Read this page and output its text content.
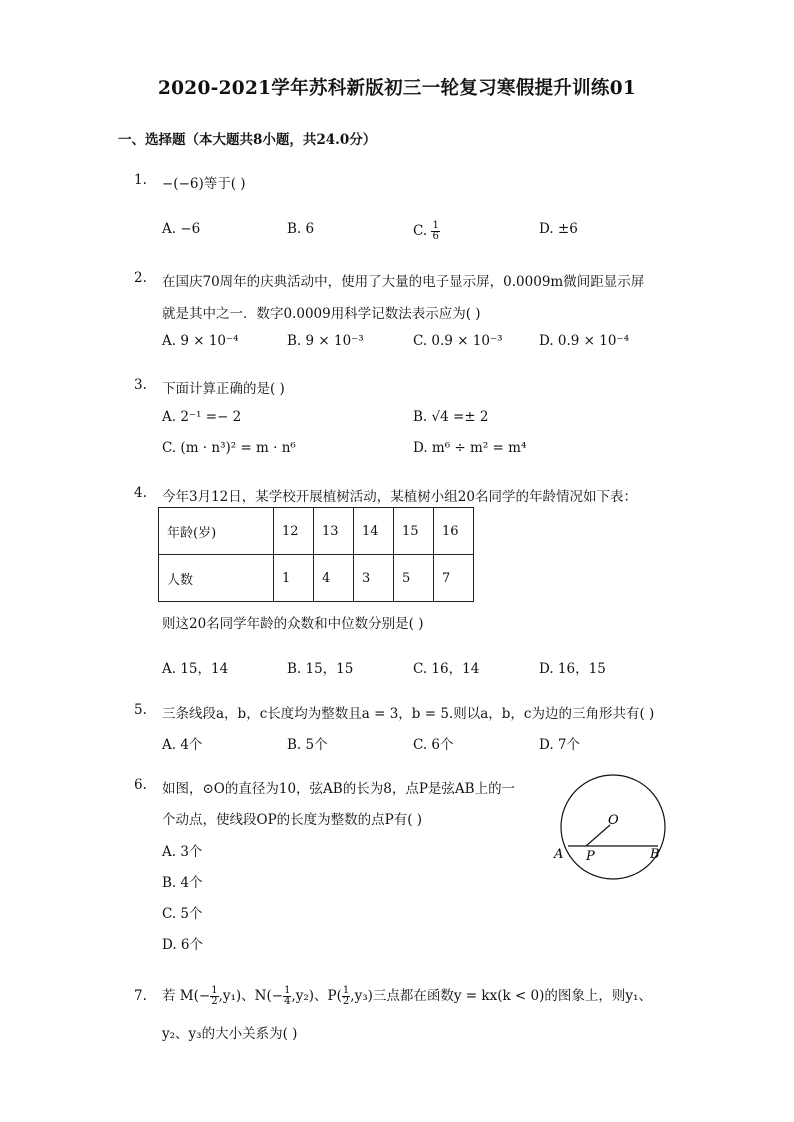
2020-2021学年苏科新版初三一轮复习寒假提升训练01
一、选择题（本大题共8小题，共24.0分）
1. −(−6)等于( )
A. −6	B. 6	C. $\frac{1}{6}$	D. ±6
2. 在国庆70周年的庆典活动中，使用了大量的电子显示屏，0.0009m微间距显示屏
就是其中之一．数字0.0009用科学记数法表示应为( )
A. 9 × 10⁻⁴	B. 9 × 10⁻³	C. 0.9 × 10⁻³	D. 0.9 × 10⁻⁴
3. 下面计算正确的是( )
A. 2⁻¹ =− 2	B. √4 =± 2
C. (m · n³)² = m · n⁶	D. m⁶ ÷ m² = m⁴
4. 今年3月12日，某学校开展植树活动，某植树小组20名同学的年龄情况如下表：
年龄(岁)	12	13	14	15	16
人数	1	4	3	5	7
则这20名同学年龄的众数和中位数分别是( )
A. 15，14	B. 15，15	C. 16，14	D. 16，15
5. 三条线段a，b，c长度均为整数且a = 3，b = 5.则以a，b，c为边的三角形共有( )
A. 4个	B. 5个	C. 6个	D. 7个
6. 如图，⊙O的直径为10，弦AB的长为8，点P是弦AB上的一
个动点，使线段OP的长度为整数的点P有( )
A. 3个
B. 4个
C. 5个
D. 6个
O
A P	B
7. 若 $M(- \frac{1}{2} ,y_1)$、$N(- \frac{1}{4} ,y_2)$、$P( \frac{1}{2} ,y_3)$三点都在函数y = kx(k < 0)的图象上，则y₁、
y₂、y₃的大小关系为( )
